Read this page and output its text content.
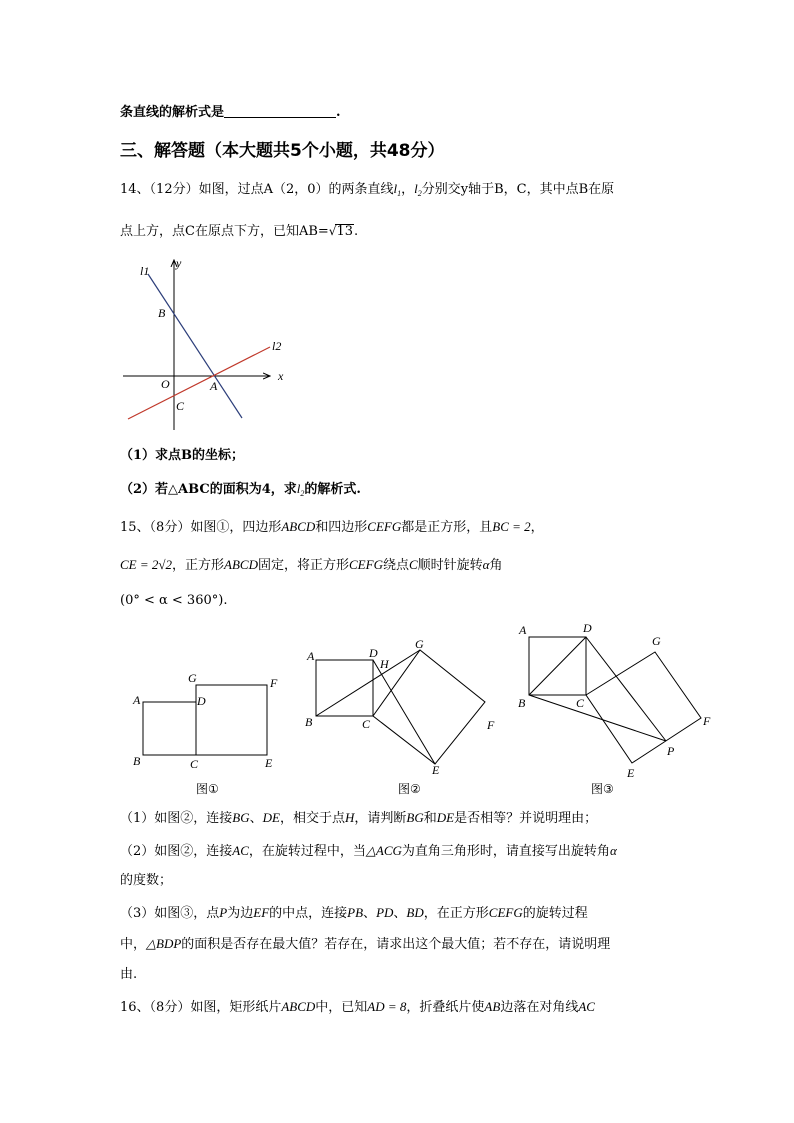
条直线的解析式是	.
三、解答题（本大题共5个小题，共48分）
14、（12分）如图，过点A（2，0）的两条直线$l_1$，$l_2$分别交y轴于B，C，其中点B在原
点上方，点C在原点下方，已知AB=√13.
l1
y
B
l2
x
O	A
C
（1）求点B的坐标；
（2）若△ABC的面积为4，求$l_2$的解析式.
15、（8分）如图①，四边形ABCD和四边形CEFG都是正方形，且BC = 2，
CE = 2√2，正方形ABCD固定，将正方形CEFG绕点C顺时针旋转α角
(0° < α < 360°).
A
G
D
F
B	C	E
图①
A	D
H
G
F
B	C
E
图②
A	D
G
B	C
F
P
E
图③
（1）如图②，连接BG、DE，相交于点H，请判断BG和DE是否相等？并说明理由；
（2）如图②，连接AC，在旋转过程中，当△ACG为直角三角形时，请直接写出旋转角α
的度数；
（3）如图③，点P为边EF的中点，连接PB、PD、BD，在正方形CEFG的旋转过程
中，△BDP的面积是否存在最大值？若存在，请求出这个最大值；若不存在，请说明理
由.
16、（8分）如图，矩形纸片ABCD中，已知AD = 8，折叠纸片使AB边落在对角线AC
